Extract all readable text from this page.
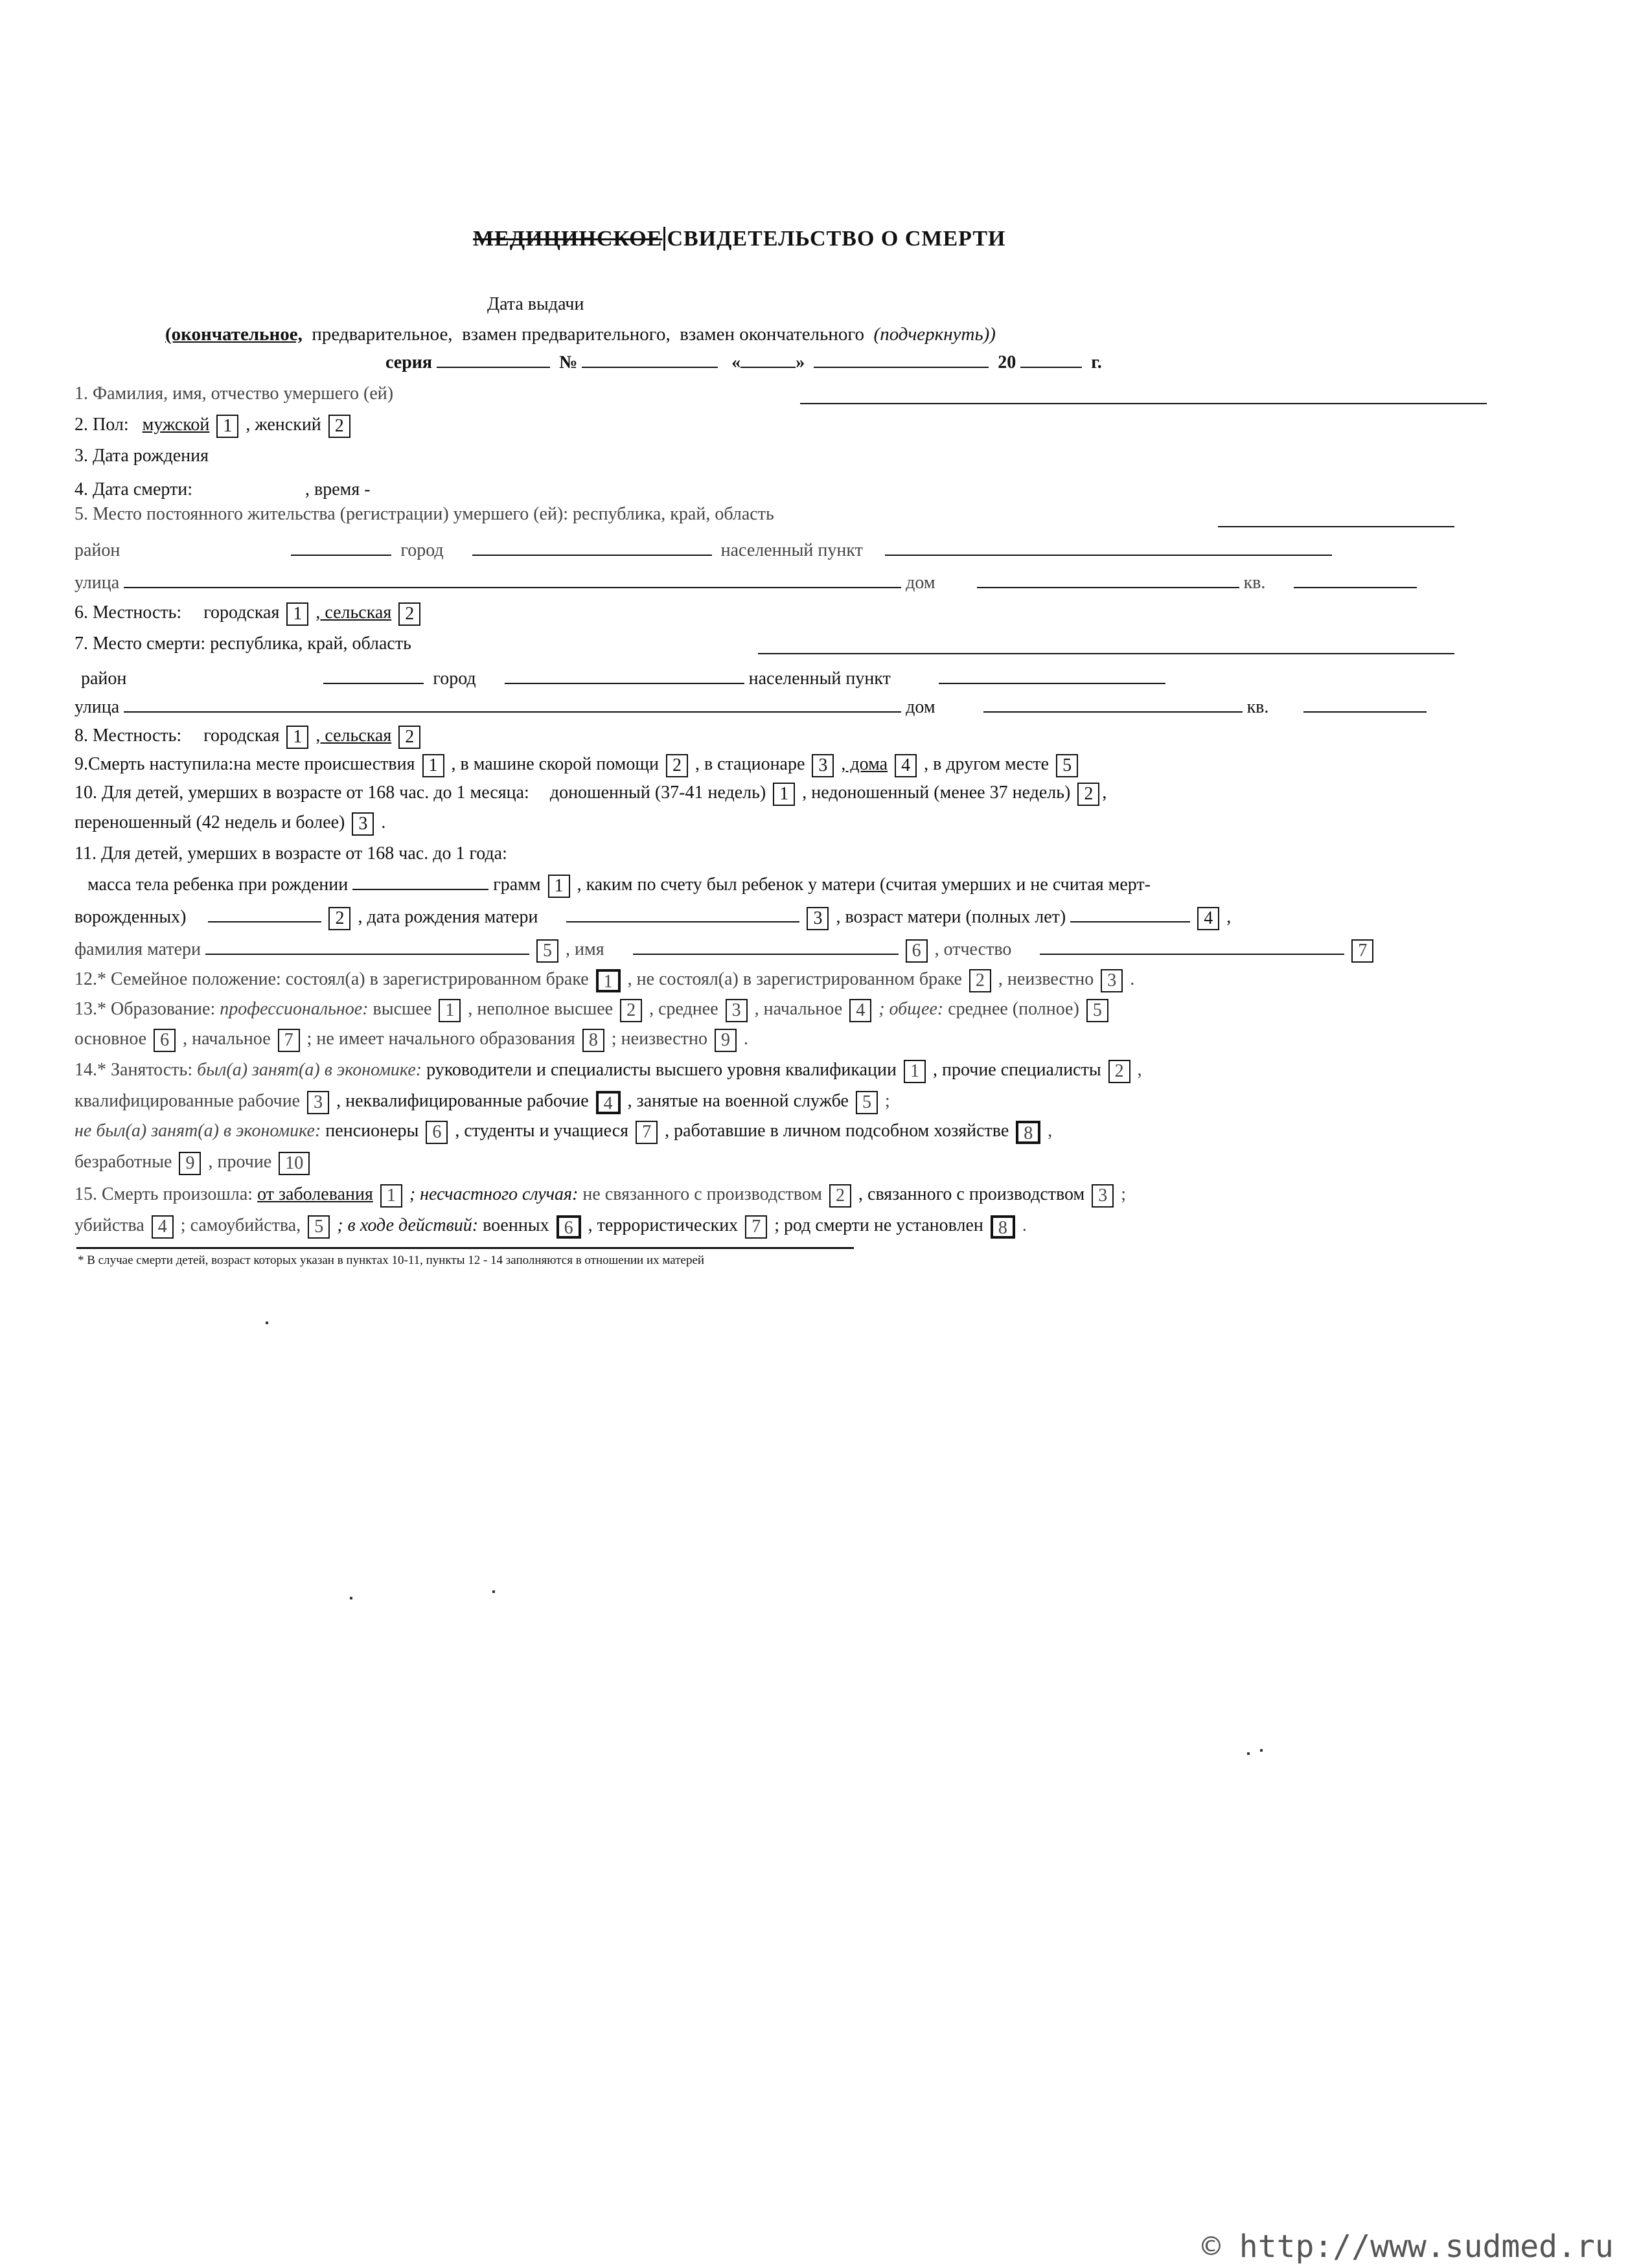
МЕДИЦИНСКОЕ СВИДЕТЕЛЬСТВО О СМЕРТИ
Дата выдачи
(окончательное, предварительное, взамен предварительного, взамен окончательного (подчеркнуть))
серия	№	«	»	20	г.
1. Фамилия, имя, отчество умершего (ей)
2. Пол: мужской 1 , женский 2
3. Дата рождения
4. Дата смерти:	, время -
5. Место постоянного жительства (регистрации) умершего (ей): республика, край, область
район	город	населенный пункт
улица	дом	кв.
6. Местность: городская 1 , сельская 2
7. Место смерти: республика, край, область
район	город	населенный пункт
улица	дом	кв.
8. Местность: городская 1 , сельская 2
9.Смерть наступила:на месте происшествия 1 , в машине скорой помощи 2 , в стационаре 3 , дома 4 , в другом месте 5
10. Для детей, умерших в возрасте от 168 час. до 1 месяца: доношенный (37-41 недель) 1 , недоношенный (менее 37 недель) 2 ,
переношенный (42 недель и более) 3 .
11. Для детей, умерших в возрасте от 168 час. до 1 года:
масса тела ребенка при рождении	грамм 1 , каким по счету был ребенок у матери (считая умерших и не считая мерт-
ворожденных)	2 , дата рождения матери	3 , возраст матери (полных лет)	4 ,
фамилия матери	5 , имя	6 , отчество	7
12.* Семейное положение: состоял(а) в зарегистрированном браке 1 , не состоял(а) в зарегистрированном браке 2 , неизвестно 3 .
13.* Образование: профессиональное: высшее 1 , неполное высшее 2 , среднее 3 , начальное 4 ; общее: среднее (полное) 5
основное 6 , начальное 7 ; не имеет начального образования 8 ; неизвестно 9 .
14.* Занятость: был(а) занят(а) в экономике: руководители и специалисты высшего уровня квалификации 1 , прочие специалисты 2 ,
квалифицированные рабочие 3 , неквалифицированные рабочие 4 , занятые на военной службе 5 ;
не был(а) занят(а) в экономике: пенсионеры 6 , студенты и учащиеся 7 , работавшие в личном подсобном хозяйстве 8 ,
безработные 9 , прочие 10
15. Смерть произошла: от заболевания 1 ; несчастного случая: не связанного с производством 2 , связанного с производством 3 ;
убийства 4 ; самоубийства, 5 ; в ходе действий: военных 6 , террористических 7 ; род смерти не установлен 8 .
* В случае смерти детей, возраст которых указан в пунктах 10-11, пункты 12 - 14 заполняются в отношении их матерей
© http://www.sudmed.ru
